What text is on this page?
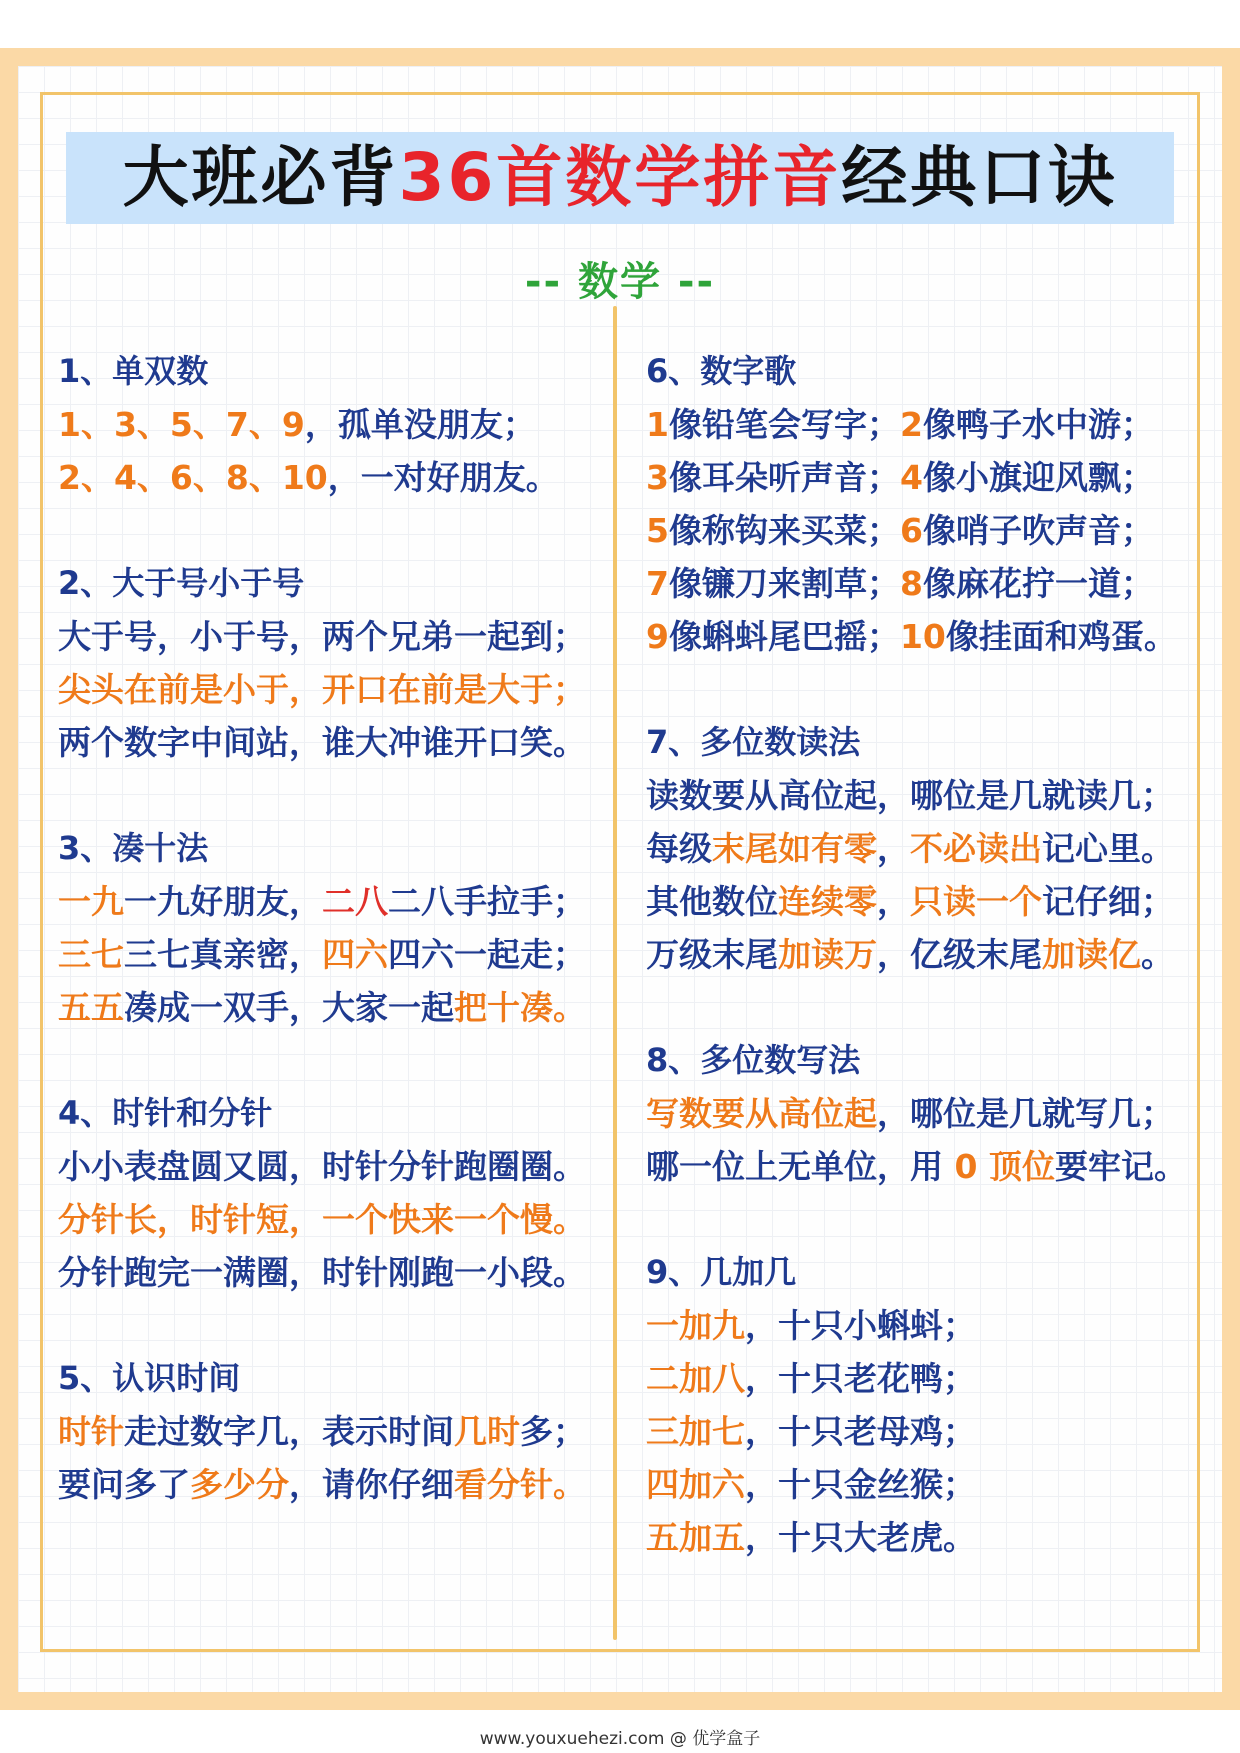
大班必背36首数学拼音经典口诀
-- 数学 --
1、单双数
1、3、5、7、9，孤单没朋友；
2、4、6、8、10，一对好朋友。
2、大于号小于号
大于号，小于号，两个兄弟一起到；
尖头在前是小于，开口在前是大于；
两个数字中间站，谁大冲谁开口笑。
3、凑十法
一九一九好朋友，二八二八手拉手；
三七三七真亲密，四六四六一起走；
五五凑成一双手，大家一起把十凑。
4、时针和分针
小小表盘圆又圆，时针分针跑圈圈。
分针长，时针短，一个快来一个慢。
分针跑完一满圈，时针刚跑一小段。
5、认识时间
时针走过数字几，表示时间几时多；
要问多了多少分，请你仔细看分针。
6、数字歌
1像铅笔会写字；2像鸭子水中游；
3像耳朵听声音；4像小旗迎风飘；
5像称钩来买菜；6像哨子吹声音；
7像镰刀来割草；8像麻花拧一道；
9像蝌蚪尾巴摇；10像挂面和鸡蛋。
7、多位数读法
读数要从高位起，哪位是几就读几；
每级末尾如有零，不必读出记心里。
其他数位连续零，只读一个记仔细；
万级末尾加读万，亿级末尾加读亿。
8、多位数写法
写数要从高位起，哪位是几就写几；
哪一位上无单位，用 0 顶位要牢记。
9、几加几
一加九，十只小蝌蚪；
二加八，十只老花鸭；
三加七，十只老母鸡；
四加六，十只金丝猴；
五加五，十只大老虎。
www.youxuehezi.com @ 优学盒子
